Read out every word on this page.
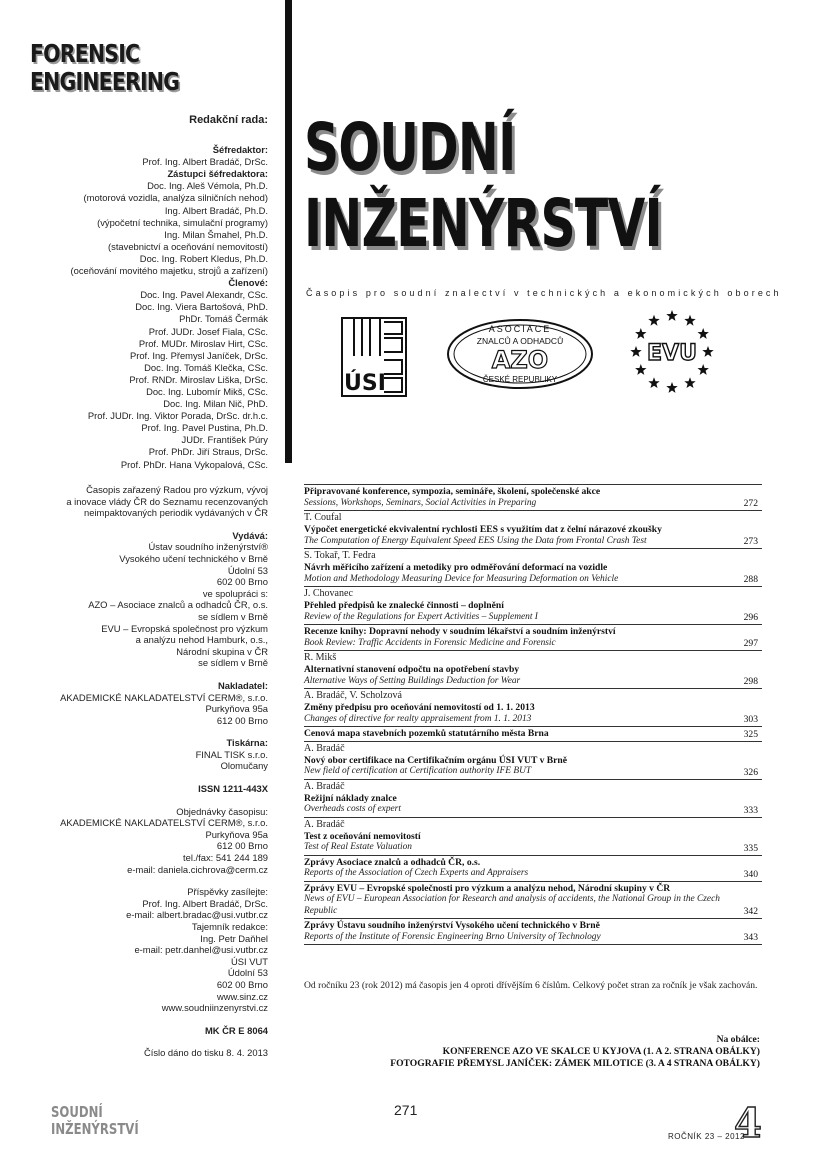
FORENSIC
ENGINEERING
Redakční rada:
Šéfredaktor:
Prof. Ing. Albert Bradáč, DrSc.
Zástupci šéfredaktora:
Doc. Ing. Aleš Vémola, Ph.D.
(motorová vozidla, analýza silničních nehod)
Ing. Albert Bradáč, Ph.D.
(výpočetní technika, simulační programy)
Ing. Milan Šmahel, Ph.D.
(stavebnictví a oceňování nemovitostí)
Doc. Ing. Robert Kledus, Ph.D.
(oceňování movitého majetku, strojů a zařízení)
Členové:
Doc. Ing. Pavel Alexandr, CSc.
Doc. Ing. Viera Bartošová, PhD.
PhDr. Tomáš Čermák
Prof. JUDr. Josef Fiala, CSc.
Prof. MUDr. Miroslav Hirt, CSc.
Prof. Ing. Přemysl Janíček, DrSc.
Doc. Ing. Tomáš Klečka, CSc.
Prof. RNDr. Miroslav Liška, DrSc.
Doc. Ing. Lubomír Mikš, CSc.
Doc. Ing. Milan Nič, PhD.
Prof. JUDr. Ing. Viktor Porada, DrSc. dr.h.c.
Prof. Ing. Pavel Pustina, Ph.D.
JUDr. František Púry
Prof. PhDr. Jiří Straus, DrSc.
Prof. PhDr. Hana Vykopalová, CSc.
SOUDNÍ
INŽENÝRSTVÍ
Časopis pro soudní znalectví v technických a ekonomických oborech
ÚSI
ASOCIACE
ZNALCŮ A ODHADCŮ
AZO
ČESKÉ REPUBLIKY
EVU
Časopis zařazený Radou pro výzkum, vývoj
a inovace vlády ČR do Seznamu recenzovaných
neimpaktovaných periodik vydávaných v ČR
Vydává:
Ústav soudního inženýrství®
Vysokého učení technického v Brně
Údolní 53
602 00 Brno
ve spolupráci s:
AZO – Asociace znalců a odhadců ČR, o.s.
se sídlem v Brně
EVU – Evropská společnost pro výzkum
a analýzu nehod Hamburk, o.s.,
Národní skupina v ČR
se sídlem v Brně
Nakladatel:
AKADEMICKÉ NAKLADATELSTVÍ CERM®, s.r.o.
Purkyňova 95a
612 00 Brno
Tiskárna:
FINAL TISK s.r.o.
Olomučany
ISSN 1211-443X
Objednávky časopisu:
AKADEMICKÉ NAKLADATELSTVÍ CERM®, s.r.o.
Purkyňova 95a
612 00 Brno
tel./fax: 541 244 189
e-mail: daniela.cichrova@cerm.cz
Příspěvky zasílejte:
Prof. Ing. Albert Bradáč, DrSc.
e-mail: albert.bradac@usi.vutbr.cz
Tajemník redakce:
Ing. Petr Daňhel
e-mail: petr.danhel@usi.vutbr.cz
ÚSI VUT
Údolní 53
602 00 Brno
www.sinz.cz
www.soudniinzenyrstvi.cz
MK ČR E 8064
Číslo dáno do tisku 8. 4. 2013
Připravované konference, sympozia, semináře, školení, společenské akce
Sessions, Workshops, Seminars, Social Activities in Preparing	272
T. Coufal
Výpočet energetické ekvivalentní rychlosti EES s využitím dat z čelní nárazové zkoušky
The Computation of Energy Equivalent Speed EES Using the Data from Frontal Crash Test	273
S. Tokař, T. Fedra
Návrh měřicího zařízení a metodiky pro odměřování deformací na vozidle
Motion and Methodology Measuring Device for Measuring Deformation on Vehicle	288
J. Chovanec
Přehled předpisů ke znalecké činnosti – doplnění
Review of the Regulations for Expert Activities – Supplement I	296
Recenze knihy: Dopravní nehody v soudním lékařství a soudním inženýrství
Book Review: Traffic Accidents in Forensic Medicine and Forensic	297
R. Mikš
Alternativní stanovení odpočtu na opotřebení stavby
Alternative Ways of Setting Buildings Deduction for Wear	298
A. Bradáč, V. Scholzová
Změny předpisu pro oceňování nemovitostí od 1. 1. 2013
Changes of directive for realty appraisement from 1. 1. 2013	303
Cenová mapa stavebních pozemků statutárního města Brna	325
A. Bradáč
Nový obor certifikace na Certifikačním orgánu ÚSI VUT v Brně
New field of certification at Certification authority IFE BUT	326
A. Bradáč
Režijní náklady znalce
Overheads costs of expert	333
A. Bradáč
Test z oceňování nemovitostí
Test of Real Estate Valuation	335
Zprávy Asociace znalců a odhadců ČR, o.s.
Reports of the Association of Czech Experts and Appraisers	340
Zprávy EVU – Evropské společnosti pro výzkum a analýzu nehod, Národní skupiny v ČR
News of EVU – European Association for Research and analysis of accidents, the National Group in the Czech Republic	342
Zprávy Ústavu soudního inženýrství Vysokého učení technického v Brně
Reports of the Institute of Forensic Engineering Brno University of Technology	343
Od ročníku 23 (rok 2012) má časopis jen 4 oproti dřívějším 6 číslům. Celkový počet stran za ročník je však zachován.
Na obálce:
KONFERENCE AZO VE SKALCE U KYJOVA (1. A 2. STRANA OBÁLKY)
FOTOGRAFIE PŘEMYSL JANÍČEK: ZÁMEK MILOTICE (3. A 4 STRANA OBÁLKY)
SOUDNÍ
INŽENÝRSTVÍ
271
ROČNÍK 23 – 2012
4
